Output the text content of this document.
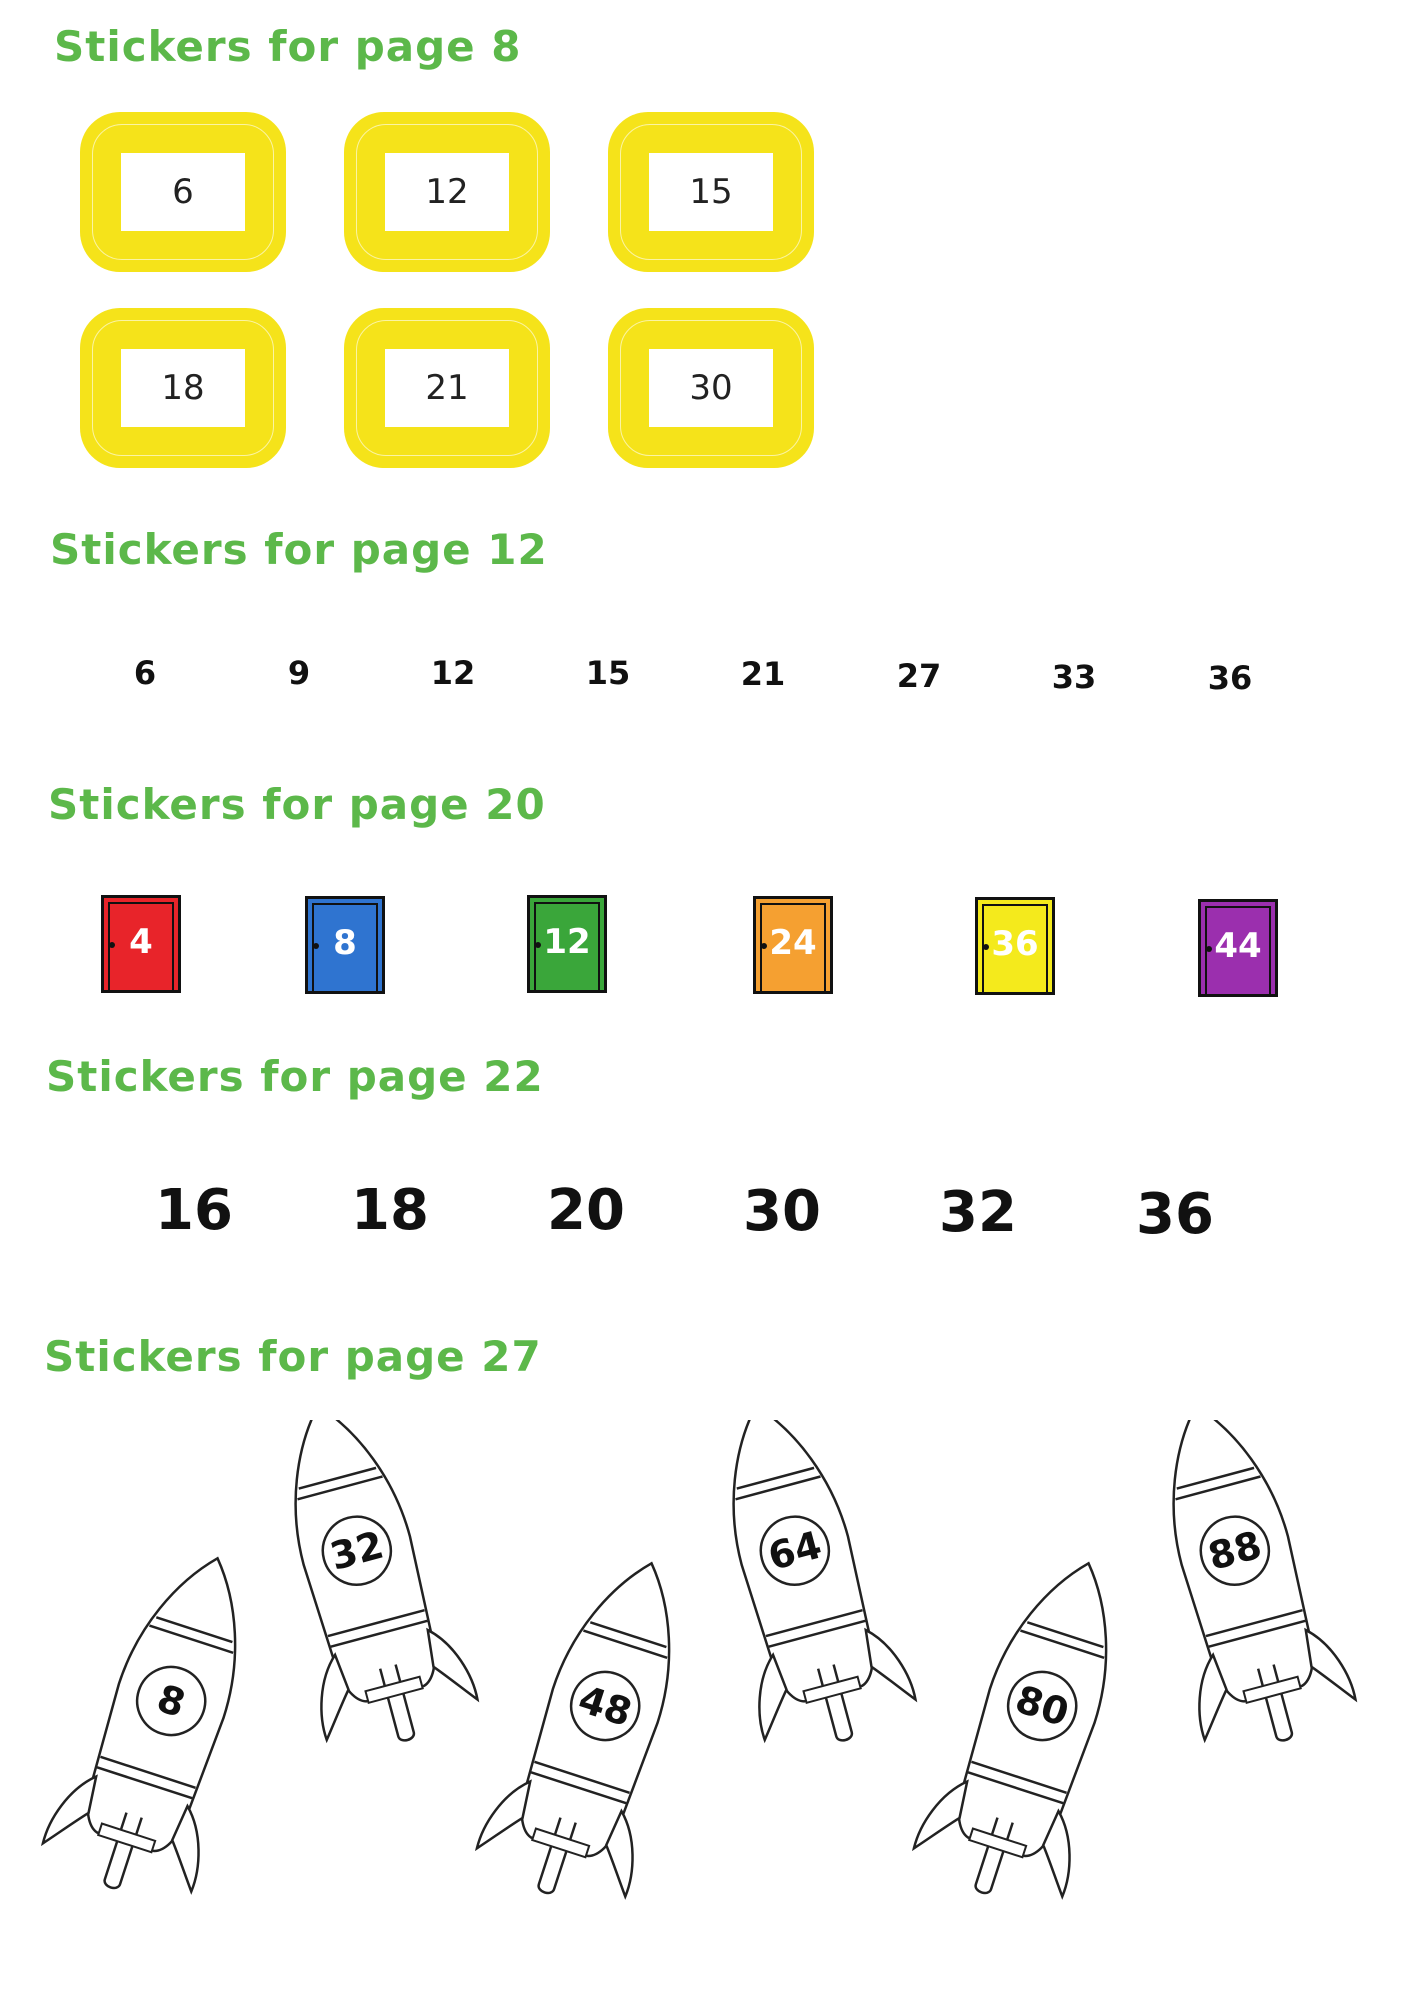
Stickers for page 8
6	12	15
18	21	30
Stickers for page 12
6	9	12	15	21	27	33	36
Stickers for page 20
4	8	12	24	36	44
Stickers for page 22
16 18 20 30 32 36
Stickers for page 27
8
32
48
64
80
88
